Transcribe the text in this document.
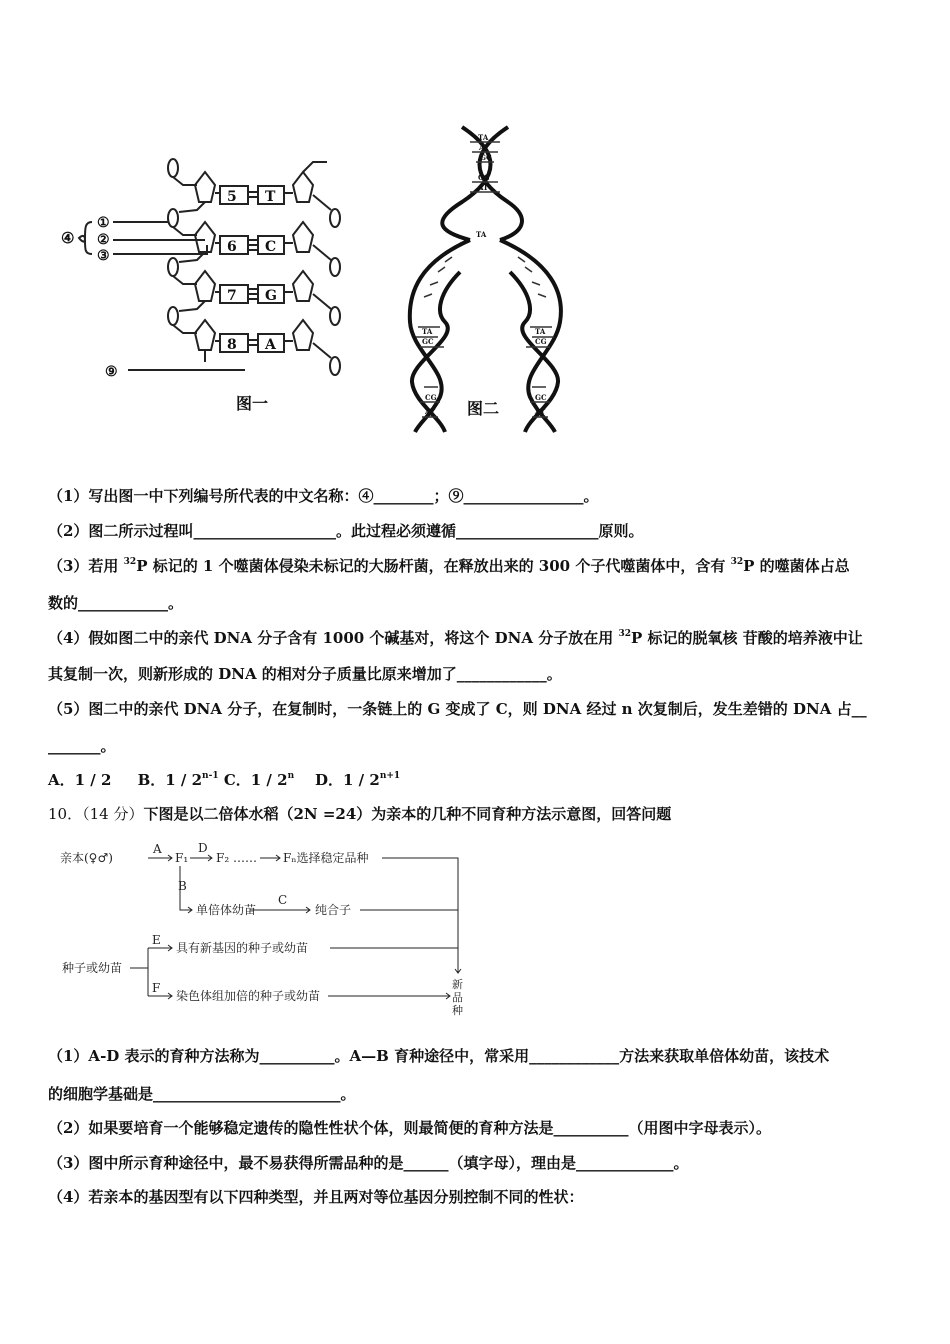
5 T
6 C
7 G
8 A
④
①
②
③
⑨
图一
TA
AT
GC
CG
AT
TA
TA
GC
CG
AT
TA
CG
GC
AT
图二
（1）写出图一中下列编号所代表的中文名称：④________；⑨________________。
（2）图二所示过程叫___________________。此过程必须遵循___________________原则。
（3）若用 $^{32}$P 标记的 1 个噬菌体侵染未标记的大肠杆菌，在释放出来的 300 个子代噬菌体中，含有 $^{32}$P 的噬菌体占总
数的____________。
（4）假如图二中的亲代 DNA 分子含有 1000 个碱基对，将这个 DNA 分子放在用 $^{32}$P 标记的脱氧核 苷酸的培养液中让
其复制一次，则新形成的 DNA 的相对分子质量比原来增加了____________。
（5）图二中的亲代 DNA 分子，在复制时，一条链上的 G 变成了 C，则 DNA 经过 n 次复制后，发生差错的 DNA 占__
_______。
A．1 / 2 B．1 / 2$^{n-1}$ C．1 / 2$^n$ D．$1 / 2^{n+1}$
10．（14 分）下图是以二倍体水稻（2N =24）为亲本的几种不同育种方法示意图，回答问题
亲本(♀♂)
A
F₁
D
F₂ …… Fₙ选择稳定品种
B
单倍体幼苗
C
纯合子
种子或幼苗
E
具有新基因的种子或幼苗
F
染色体组加倍的种子或幼苗
新
品
种
（1）A-D 表示的育种方法称为__________。A—B 育种途径中，常采用____________方法来获取单倍体幼苗，该技术
的细胞学基础是_________________________。
（2）如果要培育一个能够稳定遗传的隐性性状个体，则最简便的育种方法是__________（用图中字母表示）。
（3）图中所示育种途径中，最不易获得所需品种的是______（填字母），理由是_____________。
（4）若亲本的基因型有以下四种类型，并且两对等位基因分别控制不同的性状：
